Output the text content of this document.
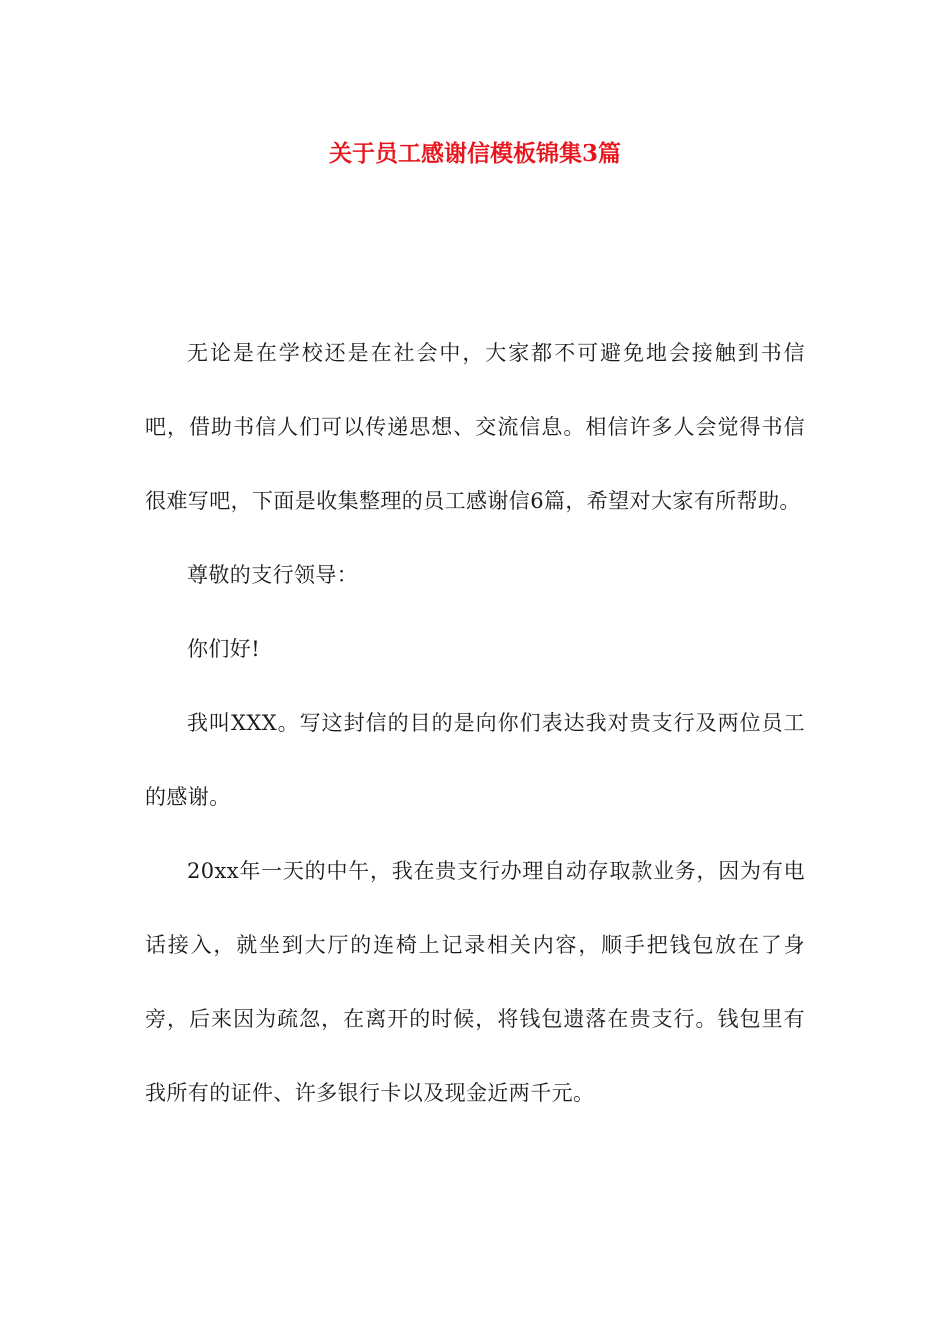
关于员工感谢信模板锦集3篇

无论是在学校还是在社会中，大家都不可避免地会接触到书信吧，借助书信人们可以传递思想、交流信息。相信许多人会觉得书信很难写吧，下面是收集整理的员工感谢信6篇，希望对大家有所帮助。

尊敬的支行领导：

你们好!

我叫XXX。写这封信的目的是向你们表达我对贵支行及两位员工的感谢。

20xx年一天的中午，我在贵支行办理自动存取款业务，因为有电话接入，就坐到大厅的连椅上记录相关内容，顺手把钱包放在了身旁，后来因为疏忽，在离开的时候，将钱包遗落在贵支行。钱包里有我所有的证件、许多银行卡以及现金近两千元。
